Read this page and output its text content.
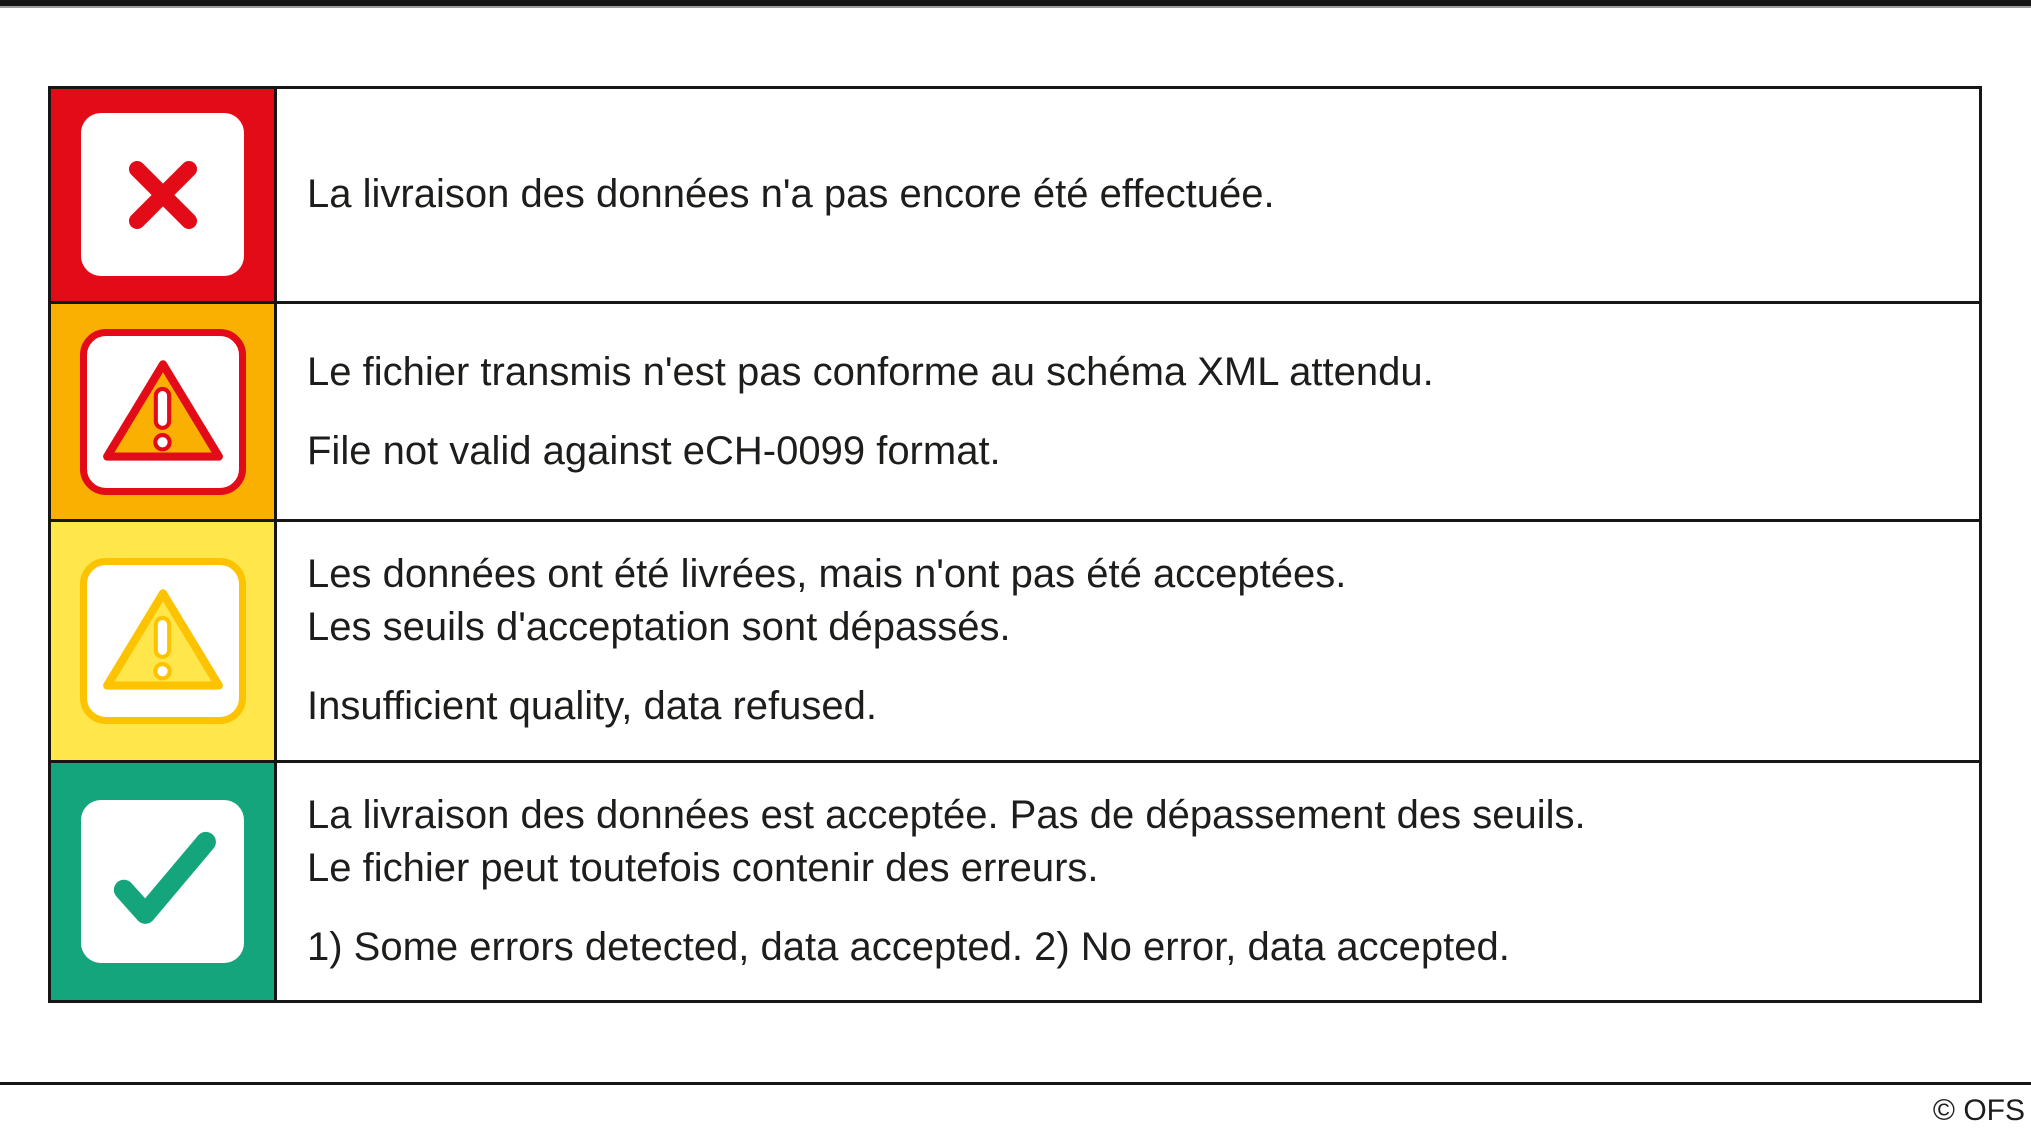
La livraison des données n'a pas encore été effectuée.

Le fichier transmis n'est pas conforme au schéma XML attendu.
File not valid against eCH-0099 format.

Les données ont été livrées, mais n'ont pas été acceptées.
Les seuils d'acceptation sont dépassés.
Insufficient quality, data refused.

La livraison des données est acceptée. Pas de dépassement des seuils.
Le fichier peut toutefois contenir des erreurs.
1) Some errors detected, data accepted. 2) No error, data accepted.
© OFS
